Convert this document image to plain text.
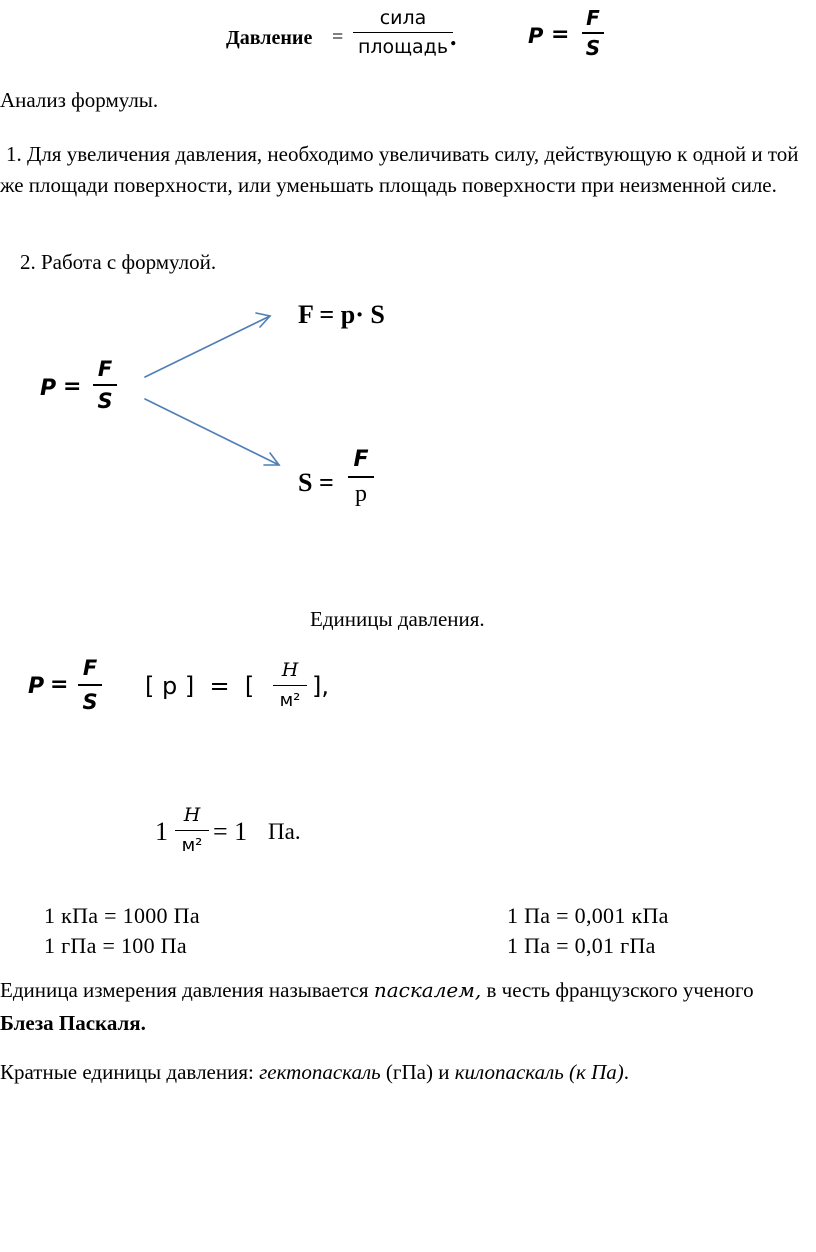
Давление =
сила
площадь .	P =
F
S
Анализ формулы.
1. Для увеличения давления, необходимо увеличивать силу, действующую к одной и той же площади поверхности, или уменьшать площадь поверхности при неизменной силе.
2. Работа с формулой.
P =
F
S
F = p· S
S =
F
p
Единицы давления.
P =
F
S
[ p ]  =  [
Н
м²
],
1
Н
м² = 1 Па.
1 кПа = 1000 Па
1 гПа = 100 Па
1 Па = 0,001 кПа
1 Па = 0,01 гПа
Единица измерения давления называется паскалем, в честь французского ученого Блеза Паскаля.
Кратные единицы давления: гектопаскаль (гПа) и килопаскаль (к Па).
